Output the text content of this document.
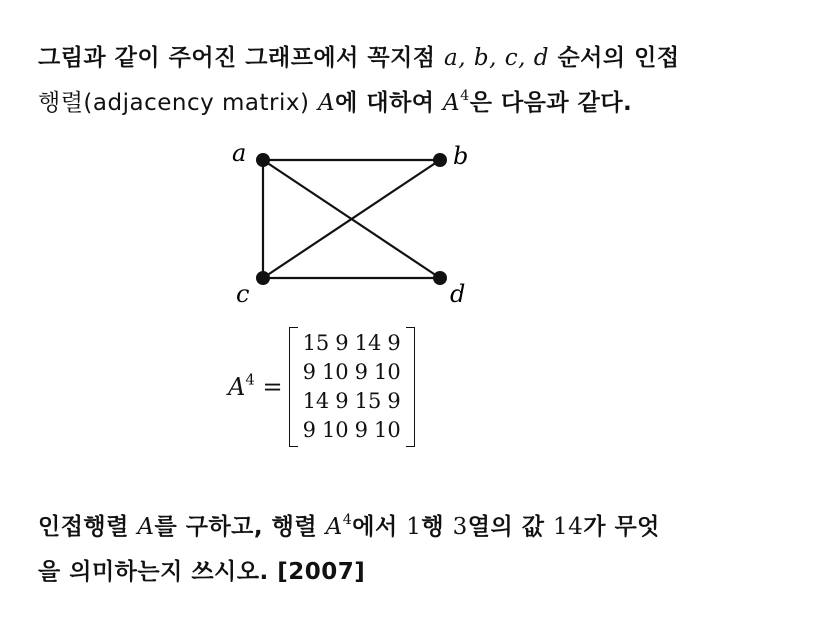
그림과 같이 주어진 그래프에서 꼭지점 a, b, c, d 순서의 인접
행렬(adjacency matrix) A에 대하여 $A^4$은 다음과 같다.
a	b
c	d
$A^4$ =
15 9 14 9
9 10 9 10
14 9 15 9
9 10 9 10
인접행렬 A를 구하고, 행렬 $A^4$에서 1행 3열의 값 14가 무엇
을 의미하는지 쓰시오. [2007]
